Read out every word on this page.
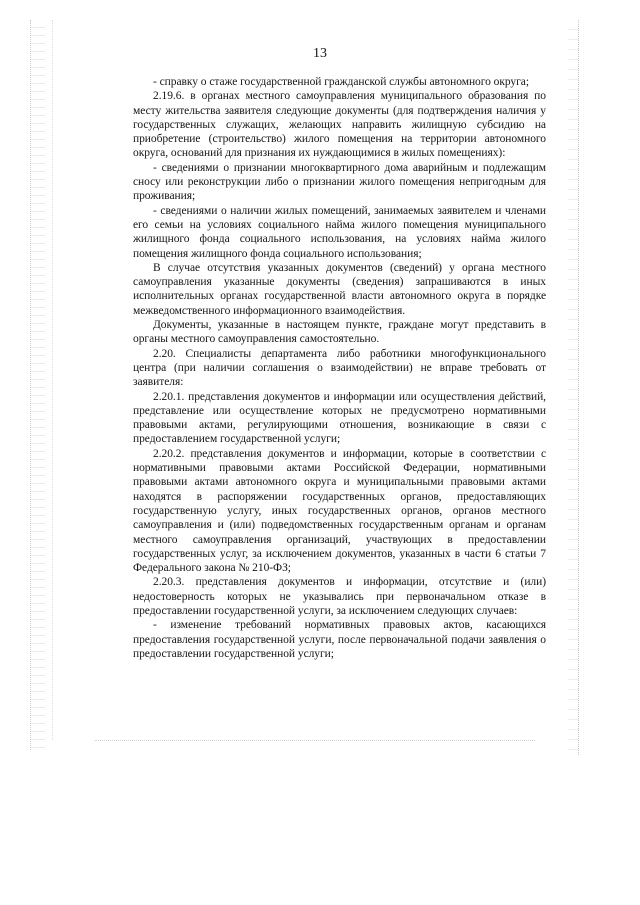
13

- справку о стаже государственной гражданской службы автономного округа;

2.19.6. в органах местного самоуправления муниципального образования по месту жительства заявителя следующие документы (для подтверждения наличия у государственных служащих, желающих направить жилищную субсидию на приобретение (строительство) жилого помещения на территории автономного округа, оснований для признания их нуждающимися в жилых помещениях):

- сведениями о признании многоквартирного дома аварийным и подлежащим сносу или реконструкции либо о признании жилого помещения непригодным для проживания;

- сведениями о наличии жилых помещений, занимаемых заявителем и членами его семьи на условиях социального найма жилого помещения муниципального жилищного фонда социального использования, на условиях найма жилого помещения жилищного фонда социального использования;

В случае отсутствия указанных документов (сведений) у органа местного самоуправления указанные документы (сведения) запрашиваются в иных исполнительных органах государственной власти автономного округа в порядке межведомственного информационного взаимодействия.

Документы, указанные в настоящем пункте, граждане могут представить в органы местного самоуправления самостоятельно.

2.20. Специалисты департамента либо работники многофункционального центра (при наличии соглашения о взаимодействии) не вправе требовать от заявителя:

2.20.1. представления документов и информации или осуществления действий, представление или осуществление которых не предусмотрено нормативными правовыми актами, регулирующими отношения, возникающие в связи с предоставлением государственной услуги;

2.20.2. представления документов и информации, которые в соответствии с нормативными правовыми актами Российской Федерации, нормативными правовыми актами автономного округа и муниципальными правовыми актами находятся в распоряжении государственных органов, предоставляющих государственную услугу, иных государственных органов, органов местного самоуправления и (или) подведомственных государственным органам и органам местного самоуправления организаций, участвующих в предоставлении государственных услуг, за исключением документов, указанных в части 6 статьи 7 Федерального закона № 210-ФЗ;

2.20.3. представления документов и информации, отсутствие и (или) недостоверность которых не указывались при первоначальном отказе в предоставлении государственной услуги, за исключением следующих случаев:

- изменение требований нормативных правовых актов, касающихся предоставления государственной услуги, после первоначальной подачи заявления о предоставлении государственной услуги;
